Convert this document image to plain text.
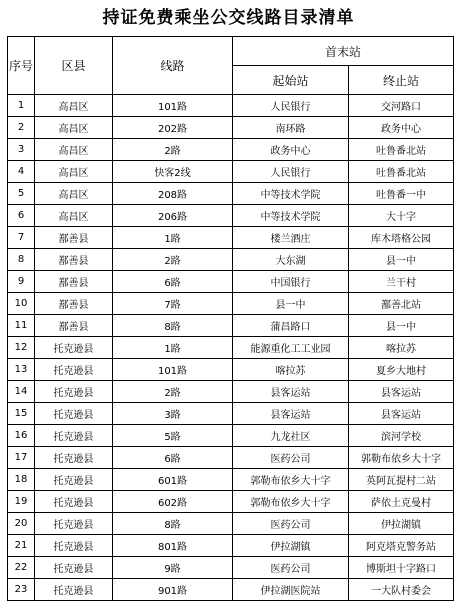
持证免费乘坐公交线路目录清单
序号	区县	线路	首末站	
			起始站	终止站
1	高昌区	101路	人民银行	交河路口
2	高昌区	202路	南环路	政务中心
3	高昌区	2路	政务中心	吐鲁番北站
4	高昌区	快客2线	人民银行	吐鲁番北站
5	高昌区	208路	中等技术学院	吐鲁番一中
6	高昌区	206路	中等技术学院	大十字
7	鄯善县	1路	楼兰酒庄	库木塔格公园
8	鄯善县	2路	大东湖	县一中
9	鄯善县	6路	中国银行	兰干村
10	鄯善县	7路	县一中	鄯善北站
11	鄯善县	8路	蒲昌路口	县一中
12	托克逊县	1路	能源重化工工业园	喀拉苏
13	托克逊县	101路	喀拉苏	夏乡大地村
14	托克逊县	2路	县客运站	县客运站
15	托克逊县	3路	县客运站	县客运站
16	托克逊县	5路	九龙社区	滨河学校
17	托克逊县	6路	医药公司	郭勒布依乡大十字
18	托克逊县	601路	郭勒布依乡大十字	英阿瓦提村二站
19	托克逊县	602路	郭勒布依乡大十字	萨依土克曼村
20	托克逊县	8路	医药公司	伊拉湖镇
21	托克逊县	801路	伊拉湖镇	阿克塔克警务站
22	托克逊县	9路	医药公司	博斯坦十字路口
23	托克逊县	901路	伊拉湖医院站	一大队村委会
